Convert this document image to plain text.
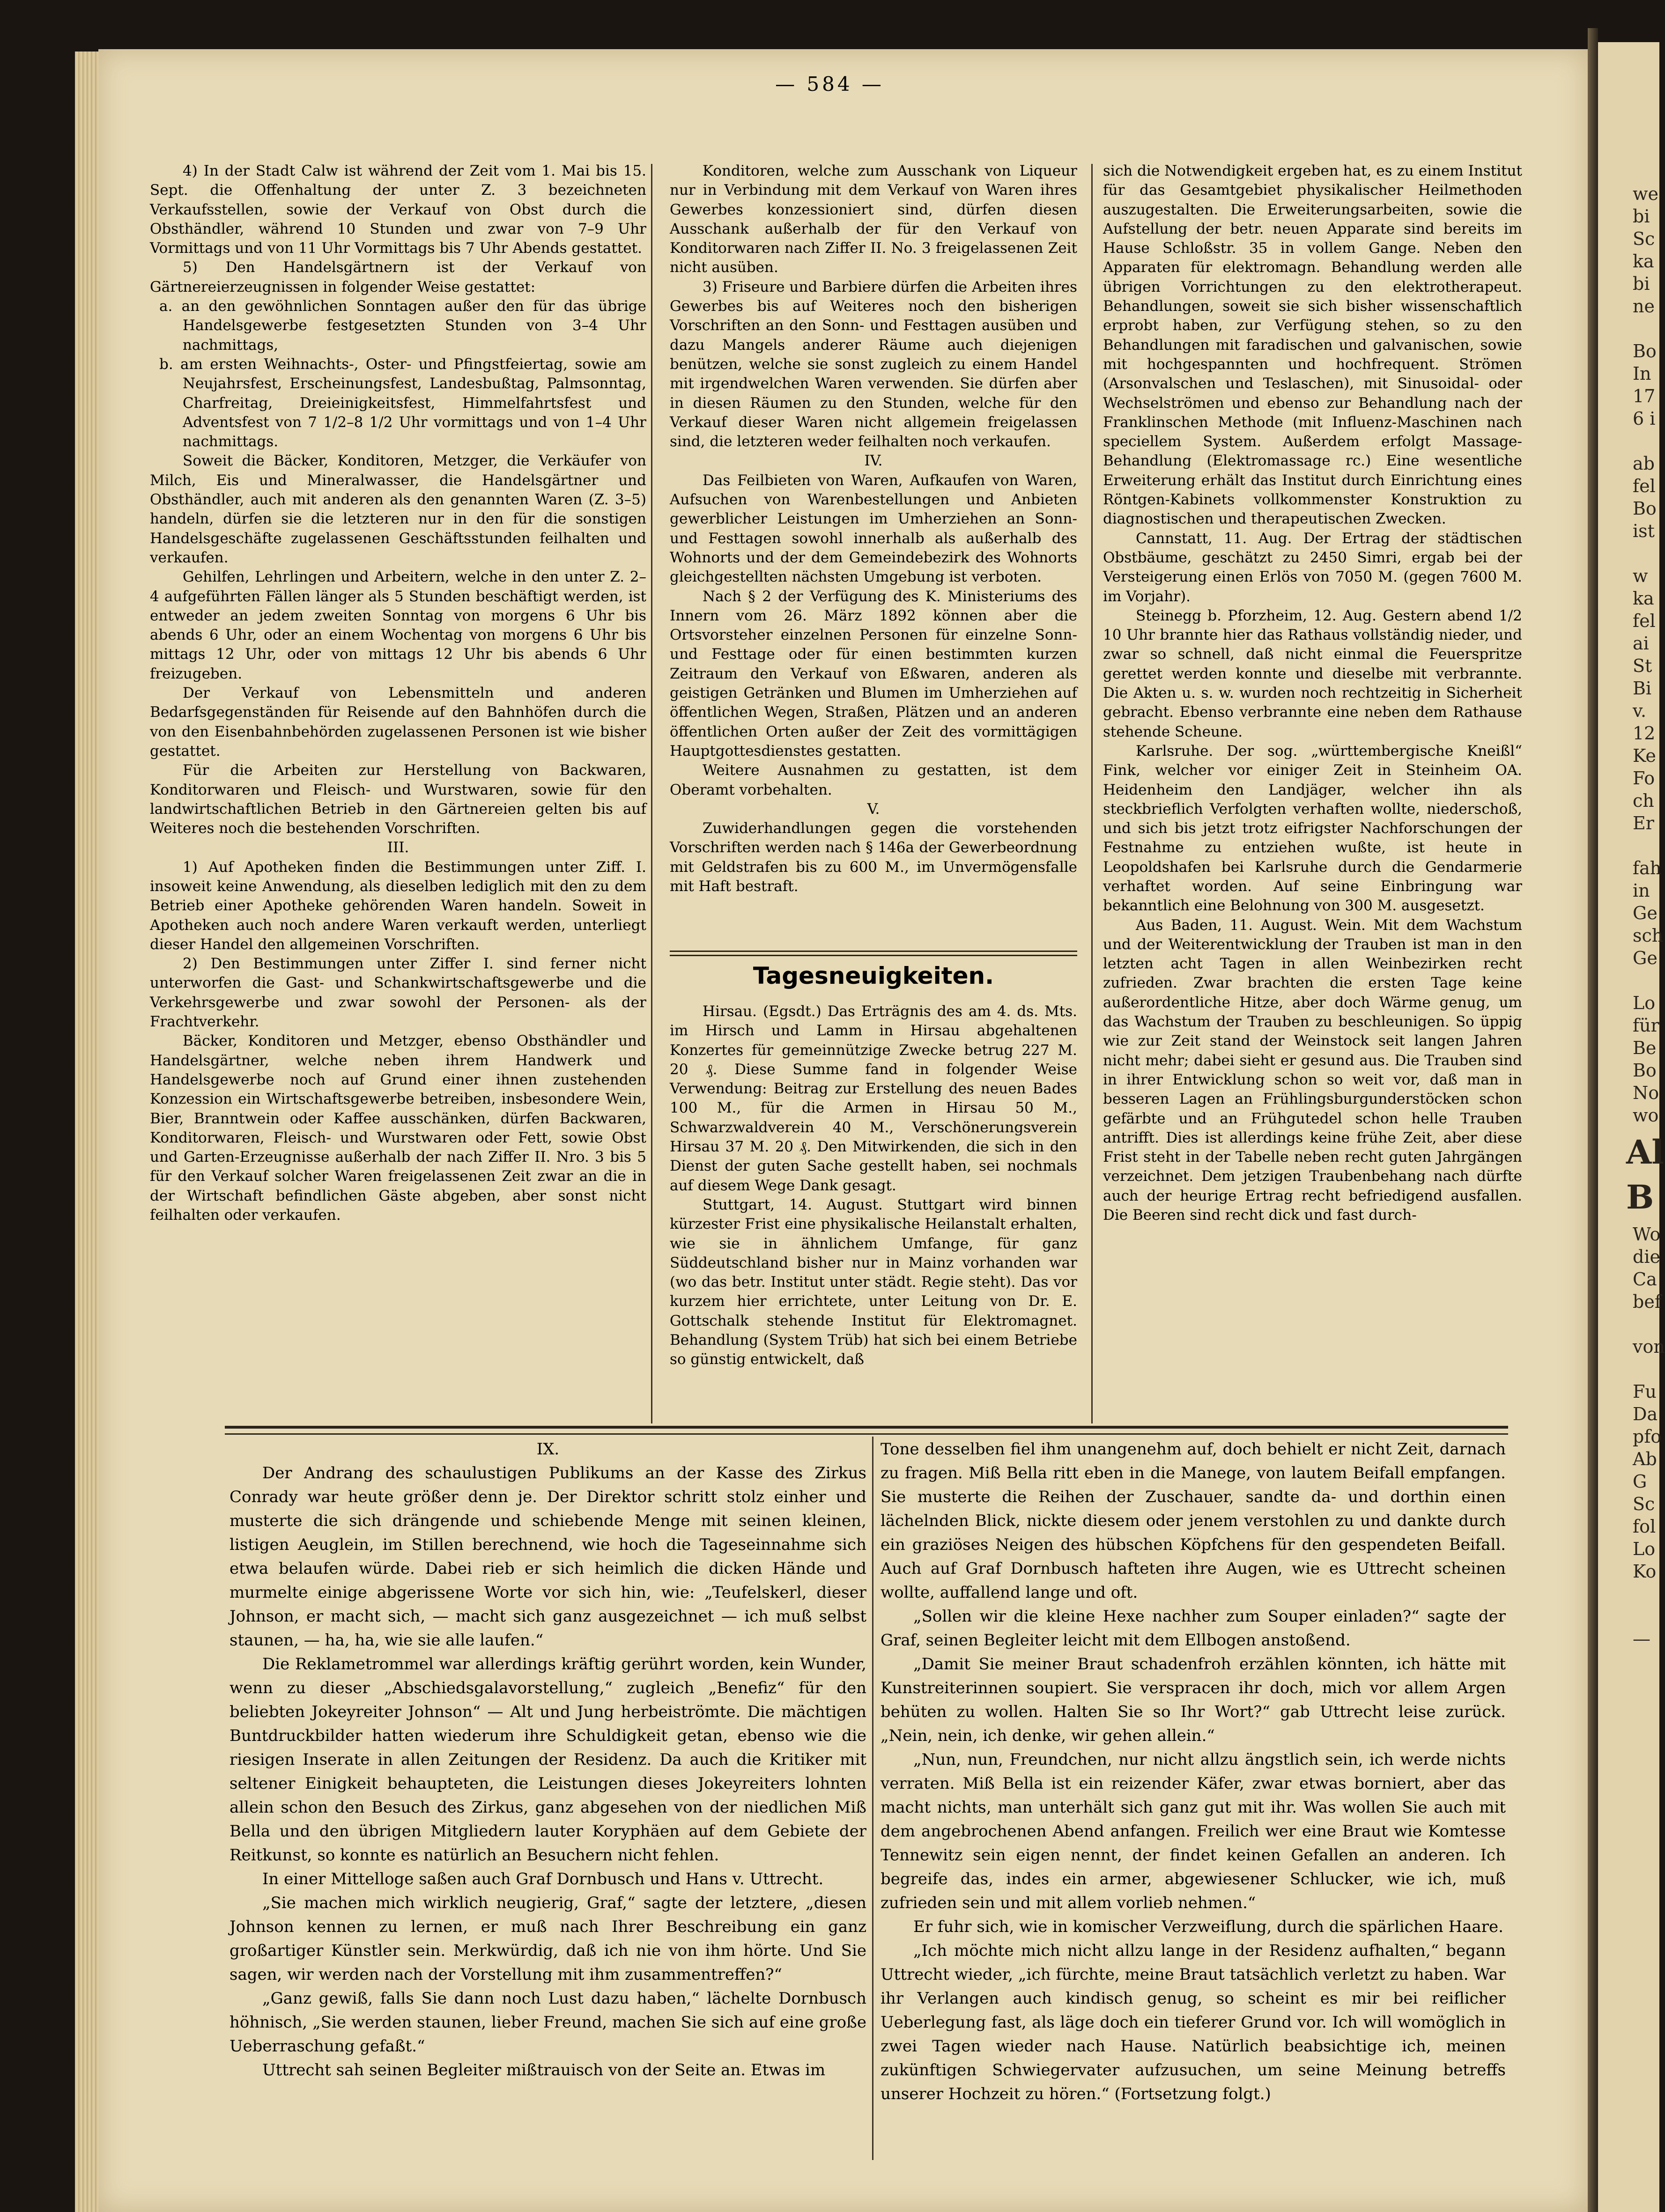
we
bi
Sc
ka
bi
ne

Bo
In
17
6 i

ab
fel
Bo
ist

w
ka
fel
ai
St
Bi
v.
12
Ke
Fo
ch
Er

fah
in
Ge
sch
Ge

Lo
für
Be
Bo
No
wo
Al
B
Wo
die
Ca
bef

von

Fu
Da
pfo
Ab
G
Sc
fol
Lo
Ko

—
— 584 —

4) In der Stadt Calw ist während der Zeit vom 1. Mai bis 15. Sept. die Offenhaltung der unter Z. 3 bezeichneten Verkaufsstellen, sowie der Verkauf von Obst durch die Obsthändler, während 10 Stunden und zwar von 7–9 Uhr Vormittags und von 11 Uhr Vormittags bis 7 Uhr Abends gestattet.

5) Den Handelsgärtnern ist der Verkauf von Gärtnereierzeugnissen in folgender Weise gestattet:

a. an den gewöhnlichen Sonntagen außer den für das übrige Handelsgewerbe festgesetzten Stunden von 3–4 Uhr nachmittags,

b. am ersten Weihnachts-, Oster- und Pfingstfeiertag, sowie am Neujahrsfest, Erscheinungsfest, Landesbußtag, Palmsonntag, Charfreitag, Dreieinigkeitsfest, Himmelfahrtsfest und Adventsfest von 7 1/2–8 1/2 Uhr vormittags und von 1–4 Uhr nachmittags.

Soweit die Bäcker, Konditoren, Metzger, die Verkäufer von Milch, Eis und Mineralwasser, die Handelsgärtner und Obsthändler, auch mit anderen als den genannten Waren (Z. 3–5) handeln, dürfen sie die letzteren nur in den für die sonstigen Handelsgeschäfte zugelassenen Geschäftsstunden feilhalten und verkaufen.

Gehilfen, Lehrlingen und Arbeitern, welche in den unter Z. 2–4 aufgeführten Fällen länger als 5 Stunden beschäftigt werden, ist entweder an jedem zweiten Sonntag von morgens 6 Uhr bis abends 6 Uhr, oder an einem Wochentag von morgens 6 Uhr bis mittags 12 Uhr, oder von mittags 12 Uhr bis abends 6 Uhr freizugeben.

Der Verkauf von Lebensmitteln und anderen Bedarfsgegenständen für Reisende auf den Bahnhöfen durch die von den Eisenbahnbehörden zugelassenen Personen ist wie bisher gestattet.

Für die Arbeiten zur Herstellung von Backwaren, Konditorwaren und Fleisch- und Wurstwaren, sowie für den landwirtschaftlichen Betrieb in den Gärtnereien gelten bis auf Weiteres noch die bestehenden Vorschriften.

III.

1) Auf Apotheken finden die Bestimmungen unter Ziff. I. insoweit keine Anwendung, als dieselben lediglich mit den zu dem Betrieb einer Apotheke gehörenden Waren handeln. Soweit in Apotheken auch noch andere Waren verkauft werden, unterliegt dieser Handel den allgemeinen Vorschriften.

2) Den Bestimmungen unter Ziffer I. sind ferner nicht unterworfen die Gast- und Schankwirtschaftsgewerbe und die Verkehrsgewerbe und zwar sowohl der Personen- als der Frachtverkehr.

Bäcker, Konditoren und Metzger, ebenso Obsthändler und Handelsgärtner, welche neben ihrem Handwerk und Handelsgewerbe noch auf Grund einer ihnen zustehenden Konzession ein Wirtschaftsgewerbe betreiben, insbesondere Wein, Bier, Branntwein oder Kaffee ausschänken, dürfen Backwaren, Konditorwaren, Fleisch- und Wurstwaren oder Fett, sowie Obst und Garten-Erzeugnisse außerhalb der nach Ziffer II. Nro. 3 bis 5 für den Verkauf solcher Waren freigelassenen Zeit zwar an die in der Wirtschaft befindlichen Gäste abgeben, aber sonst nicht feilhalten oder verkaufen.

Konditoren, welche zum Ausschank von Liqueur nur in Verbindung mit dem Verkauf von Waren ihres Gewerbes konzessioniert sind, dürfen diesen Ausschank außerhalb der für den Verkauf von Konditorwaren nach Ziffer II. No. 3 freigelassenen Zeit nicht ausüben.

3) Friseure und Barbiere dürfen die Arbeiten ihres Gewerbes bis auf Weiteres noch den bisherigen Vorschriften an den Sonn- und Festtagen ausüben und dazu Mangels anderer Räume auch diejenigen benützen, welche sie sonst zugleich zu einem Handel mit irgendwelchen Waren verwenden. Sie dürfen aber in diesen Räumen zu den Stunden, welche für den Verkauf dieser Waren nicht allgemein freigelassen sind, die letzteren weder feilhalten noch verkaufen.

IV.

Das Feilbieten von Waren, Aufkaufen von Waren, Aufsuchen von Warenbestellungen und Anbieten gewerblicher Leistungen im Umherziehen an Sonn- und Festtagen sowohl innerhalb als außerhalb des Wohnorts und der dem Gemeindebezirk des Wohnorts gleichgestellten nächsten Umgebung ist verboten.

Nach § 2 der Verfügung des K. Ministeriums des Innern vom 26. März 1892 können aber die Ortsvorsteher einzelnen Personen für einzelne Sonn- und Festtage oder für einen bestimmten kurzen Zeitraum den Verkauf von Eßwaren, anderen als geistigen Getränken und Blumen im Umherziehen auf öffentlichen Wegen, Straßen, Plätzen und an anderen öffentlichen Orten außer der Zeit des vormittägigen Hauptgottesdienstes gestatten.

Weitere Ausnahmen zu gestatten, ist dem Oberamt vorbehalten.

V.

Zuwiderhandlungen gegen die vorstehenden Vorschriften werden nach § 146a der Gewerbeordnung mit Geldstrafen bis zu 600 M., im Unvermögensfalle mit Haft bestraft.

Tagesneuigkeiten.

Hirsau. (Egsdt.) Das Erträgnis des am 4. ds. Mts. im Hirsch und Lamm in Hirsau abgehaltenen Konzertes für gemeinnützige Zwecke betrug 227 M. 20 ₰. Diese Summe fand in folgender Weise Verwendung: Beitrag zur Erstellung des neuen Bades 100 M., für die Armen in Hirsau 50 M., Schwarzwaldverein 40 M., Verschönerungsverein Hirsau 37 M. 20 ₰. Den Mitwirkenden, die sich in den Dienst der guten Sache gestellt haben, sei nochmals auf diesem Wege Dank gesagt.

Stuttgart, 14. August. Stuttgart wird binnen kürzester Frist eine physikalische Heilanstalt erhalten, wie sie in ähnlichem Umfange, für ganz Süddeutschland bisher nur in Mainz vorhanden war (wo das betr. Institut unter städt. Regie steht). Das vor kurzem hier errichtete, unter Leitung von Dr. E. Gottschalk stehende Institut für Elektromagnet. Behandlung (System Trüb) hat sich bei einem Betriebe so günstig entwickelt, daß

sich die Notwendigkeit ergeben hat, es zu einem Institut für das Gesamtgebiet physikalischer Heilmethoden auszugestalten. Die Erweiterungsarbeiten, sowie die Aufstellung der betr. neuen Apparate sind bereits im Hause Schloßstr. 35 in vollem Gange. Neben den Apparaten für elektromagn. Behandlung werden alle übrigen Vorrichtungen zu den elektrotherapeut. Behandlungen, soweit sie sich bisher wissenschaftlich erprobt haben, zur Verfügung stehen, so zu den Behandlungen mit faradischen und galvanischen, sowie mit hochgespannten und hochfrequent. Strömen (Arsonvalschen und Teslaschen), mit Sinusoidal- oder Wechselströmen und ebenso zur Behandlung nach der Franklinschen Methode (mit Influenz-Maschinen nach speciellem System. Außerdem erfolgt Massage-Behandlung (Elektromassage rc.) Eine wesentliche Erweiterung erhält das Institut durch Einrichtung eines Röntgen-Kabinets vollkommenster Konstruktion zu diagnostischen und therapeutischen Zwecken.

Cannstatt, 11. Aug. Der Ertrag der städtischen Obstbäume, geschätzt zu 2450 Simri, ergab bei der Versteigerung einen Erlös von 7050 M. (gegen 7600 M. im Vorjahr).

Steinegg b. Pforzheim, 12. Aug. Gestern abend 1/2 10 Uhr brannte hier das Rathaus vollständig nieder, und zwar so schnell, daß nicht einmal die Feuerspritze gerettet werden konnte und dieselbe mit verbrannte. Die Akten u. s. w. wurden noch rechtzeitig in Sicherheit gebracht. Ebenso verbrannte eine neben dem Rathause stehende Scheune.

Karlsruhe. Der sog. „württembergische Kneißl“ Fink, welcher vor einiger Zeit in Steinheim OA. Heidenheim den Landjäger, welcher ihn als steckbrieflich Verfolgten verhaften wollte, niederschoß, und sich bis jetzt trotz eifrigster Nachforschungen der Festnahme zu entziehen wußte, ist heute in Leopoldshafen bei Karlsruhe durch die Gendarmerie verhaftet worden. Auf seine Einbringung war bekanntlich eine Belohnung von 300 M. ausgesetzt.

Aus Baden, 11. August. Wein. Mit dem Wachstum und der Weiterentwicklung der Trauben ist man in den letzten acht Tagen in allen Weinbezirken recht zufrieden. Zwar brachten die ersten Tage keine außerordentliche Hitze, aber doch Wärme genug, um das Wachstum der Trauben zu beschleunigen. So üppig wie zur Zeit stand der Weinstock seit langen Jahren nicht mehr; dabei sieht er gesund aus. Die Trauben sind in ihrer Entwicklung schon so weit vor, daß man in besseren Lagen an Frühlingsburgunderstöcken schon gefärbte und an Frühgutedel schon helle Trauben antrifft. Dies ist allerdings keine frühe Zeit, aber diese Frist steht in der Tabelle neben recht guten Jahrgängen verzeichnet. Dem jetzigen Traubenbehang nach dürfte auch der heurige Ertrag recht befriedigend ausfallen. Die Beeren sind recht dick und fast durch-

IX.

Der Andrang des schaulustigen Publikums an der Kasse des Zirkus Conrady war heute größer denn je. Der Direktor schritt stolz einher und musterte die sich drängende und schiebende Menge mit seinen kleinen, listigen Aeuglein, im Stillen berechnend, wie hoch die Tageseinnahme sich etwa belaufen würde. Dabei rieb er sich heimlich die dicken Hände und murmelte einige abgerissene Worte vor sich hin, wie: „Teufelskerl, dieser Johnson, er macht sich, — macht sich ganz ausgezeichnet — ich muß selbst staunen, — ha, ha, wie sie alle laufen.“

Die Reklametrommel war allerdings kräftig gerührt worden, kein Wunder, wenn zu dieser „Abschiedsgalavorstellung,“ zugleich „Benefiz“ für den beliebten Jokeyreiter Johnson“ — Alt und Jung herbeiströmte. Die mächtigen Buntdruckbilder hatten wiederum ihre Schuldigkeit getan, ebenso wie die riesigen Inserate in allen Zeitungen der Residenz. Da auch die Kritiker mit seltener Einigkeit behaupteten, die Leistungen dieses Jokeyreiters lohnten allein schon den Besuch des Zirkus, ganz abgesehen von der niedlichen Miß Bella und den übrigen Mitgliedern lauter Koryphäen auf dem Gebiete der Reitkunst, so konnte es natürlich an Besuchern nicht fehlen.

In einer Mittelloge saßen auch Graf Dornbusch und Hans v. Uttrecht.

„Sie machen mich wirklich neugierig, Graf,“ sagte der letztere, „diesen Johnson kennen zu lernen, er muß nach Ihrer Beschreibung ein ganz großartiger Künstler sein. Merkwürdig, daß ich nie von ihm hörte. Und Sie sagen, wir werden nach der Vorstellung mit ihm zusammentreffen?“

„Ganz gewiß, falls Sie dann noch Lust dazu haben,“ lächelte Dornbusch höhnisch, „Sie werden staunen, lieber Freund, machen Sie sich auf eine große Ueberraschung gefaßt.“

Uttrecht sah seinen Begleiter mißtrauisch von der Seite an. Etwas im

Tone desselben fiel ihm unangenehm auf, doch behielt er nicht Zeit, darnach zu fragen. Miß Bella ritt eben in die Manege, von lautem Beifall empfangen. Sie musterte die Reihen der Zuschauer, sandte da- und dorthin einen lächelnden Blick, nickte diesem oder jenem verstohlen zu und dankte durch ein graziöses Neigen des hübschen Köpfchens für den gespendeten Beifall. Auch auf Graf Dornbusch hafteten ihre Augen, wie es Uttrecht scheinen wollte, auffallend lange und oft.

„Sollen wir die kleine Hexe nachher zum Souper einladen?“ sagte der Graf, seinen Begleiter leicht mit dem Ellbogen anstoßend.

„Damit Sie meiner Braut schadenfroh erzählen könnten, ich hätte mit Kunstreiterinnen soupiert. Sie verspracen ihr doch, mich vor allem Argen behüten zu wollen. Halten Sie so Ihr Wort?“ gab Uttrecht leise zurück. „Nein, nein, ich denke, wir gehen allein.“

„Nun, nun, Freundchen, nur nicht allzu ängstlich sein, ich werde nichts verraten. Miß Bella ist ein reizender Käfer, zwar etwas borniert, aber das macht nichts, man unterhält sich ganz gut mit ihr. Was wollen Sie auch mit dem angebrochenen Abend anfangen. Freilich wer eine Braut wie Komtesse Tennewitz sein eigen nennt, der findet keinen Gefallen an anderen. Ich begreife das, indes ein armer, abgewiesener Schlucker, wie ich, muß zufrieden sein und mit allem vorlieb nehmen.“

Er fuhr sich, wie in komischer Verzweiflung, durch die spärlichen Haare.

„Ich möchte mich nicht allzu lange in der Residenz aufhalten,“ begann Uttrecht wieder, „ich fürchte, meine Braut tatsächlich verletzt zu haben. War ihr Verlangen auch kindisch genug, so scheint es mir bei reiflicher Ueberlegung fast, als läge doch ein tieferer Grund vor. Ich will womöglich in zwei Tagen wieder nach Hause. Natürlich beabsichtige ich, meinen zukünftigen Schwiegervater aufzusuchen, um seine Meinung betreffs unserer Hochzeit zu hören.“ (Fortsetzung folgt.)
